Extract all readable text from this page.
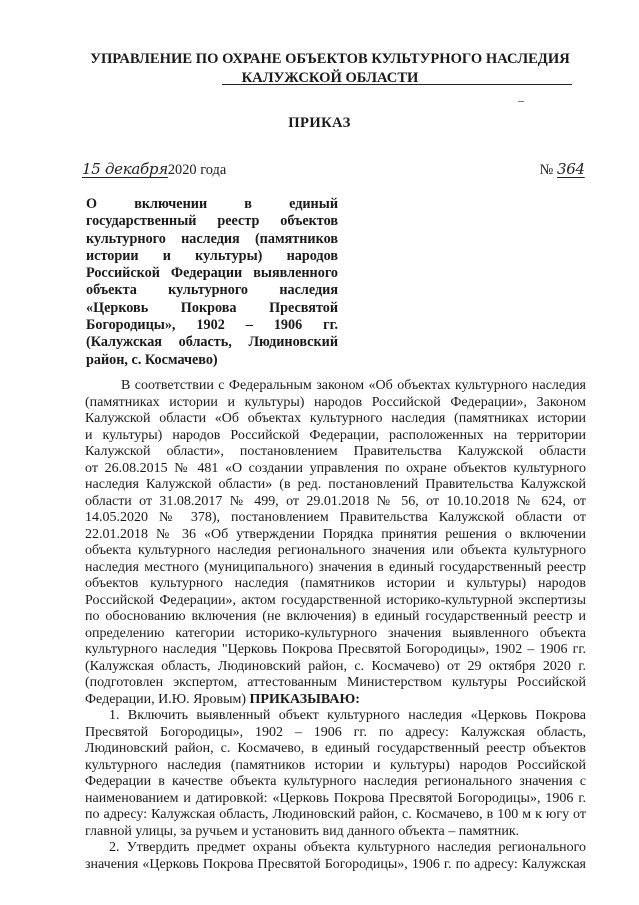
УПРАВЛЕНИЕ ПО ОХРАНЕ ОБЪЕКТОВ КУЛЬТУРНОГО НАСЛЕДИЯ
КАЛУЖСКОЙ ОБЛАСТИ
ПРИКАЗ
15 декабря2020 года	№ 364
О включении в единый
государственный реестр объектов
культурного наследия (памятников
истории и культуры) народов
Российской Федерации выявленного
объекта культурного наследия
«Церковь Покрова Пресвятой
Богородицы», 1902 – 1906 гг.
(Калужская область, Людиновский
район, с. Космачево)
В соответствии с Федеральным законом «Об объектах культурного наследия
(памятниках истории и культуры) народов Российской Федерации», Законом
Калужской области «Об объектах культурного наследия (памятниках истории
и культуры) народов Российской Федерации, расположенных на территории
Калужской области», постановлением Правительства Калужской области
от 26.08.2015 № 481 «О создании управления по охране объектов культурного
наследия Калужской области» (в ред. постановлений Правительства Калужской
области от 31.08.2017 № 499, от 29.01.2018 № 56, от 10.10.2018 № 624, от
14.05.2020 № 378), постановлением Правительства Калужской области от
22.01.2018 № 36 «Об утверждении Порядка принятия решения о включении
объекта культурного наследия регионального значения или объекта культурного
наследия местного (муниципального) значения в единый государственный реестр
объектов культурного наследия (памятников истории и культуры) народов
Российской Федерации», актом государственной историко-культурной экспертизы
по обоснованию включения (не включения) в единый государственный реестр и
определению категории историко-культурного значения выявленного объекта
культурного наследия "Церковь Покрова Пресвятой Богородицы», 1902 – 1906 гг.
(Калужская область, Людиновский район, с. Космачево) от 29 октября 2020 г.
(подготовлен экспертом, аттестованным Министерством культуры Российской
Федерации, И.Ю. Яровым) ПРИКАЗЫВАЮ:
1. Включить выявленный объект культурного наследия «Церковь Покрова
Пресвятой Богородицы», 1902 – 1906 гг. по адресу: Калужская область,
Людиновский район, с. Космачево, в единый государственный реестр объектов
культурного наследия (памятников истории и культуры) народов Российской
Федерации в качестве объекта культурного наследия регионального значения с
наименованием и датировкой: «Церковь Покрова Пресвятой Богородицы», 1906 г.
по адресу: Калужская область, Людиновский район, с. Космачево, в 100 м к югу от
главной улицы, за ручьем и установить вид данного объекта – памятник.
2. Утвердить предмет охраны объекта культурного наследия регионального
значения «Церковь Покрова Пресвятой Богородицы», 1906 г. по адресу: Калужская
